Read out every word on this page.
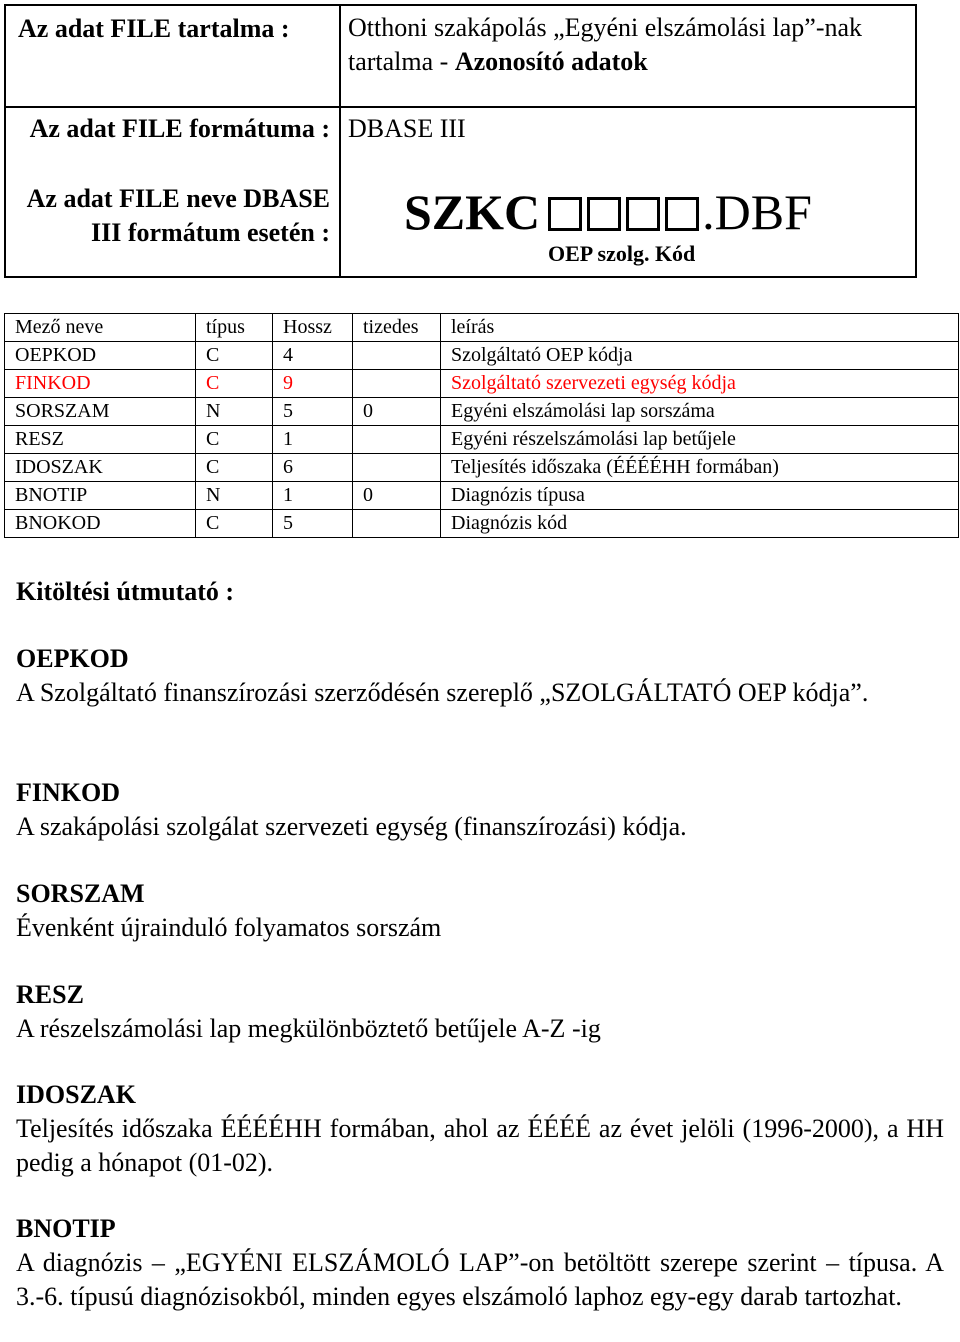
Az adat FILE tartalma :	Otthoni szakápolás „Egyéni elszámolási lap”-nak tartalma - Azonosító adatok
Az adat FILE formátuma : DBASE III
Az adat FILE neve DBASE III formátum esetén : SZKC	.DBF
OEP szolg. Kód
Mező neve	típus	Hossz	tizedes	leírás
OEPKOD	C	4		Szolgáltató OEP kódja
FINKOD	C	9		Szolgáltató szervezeti egység kódja
SORSZAM	N	5	0	Egyéni elszámolási lap sorszáma
RESZ	C	1		Egyéni részelszámolási lap betűjele
IDOSZAK	C	6		Teljesítés időszaka (ÉÉÉÉHH formában)
BNOTIP	N	1	0	Diagnózis típusa
BNOKOD	C	5		Diagnózis kód
Kitöltési útmutató :
OEPKOD
A Szolgáltató finanszírozási szerződésén szereplő „SZOLGÁLTATÓ OEP kódja”.
FINKOD
A szakápolási szolgálat szervezeti egység (finanszírozási) kódja.
SORSZAM
Évenként újrainduló folyamatos sorszám
RESZ
A részelszámolási lap megkülönböztető betűjele A-Z -ig
IDOSZAK
Teljesítés időszaka ÉÉÉÉHH formában, ahol az ÉÉÉÉ az évet jelöli (1996-2000), a HH pedig a hónapot (01-02).
BNOTIP
A diagnózis – „EGYÉNI ELSZÁMOLÓ LAP”-on betöltött szerepe szerint – típusa. A 3.-6. típusú diagnózisokból, minden egyes elszámoló laphoz egy-egy darab tartozhat.
